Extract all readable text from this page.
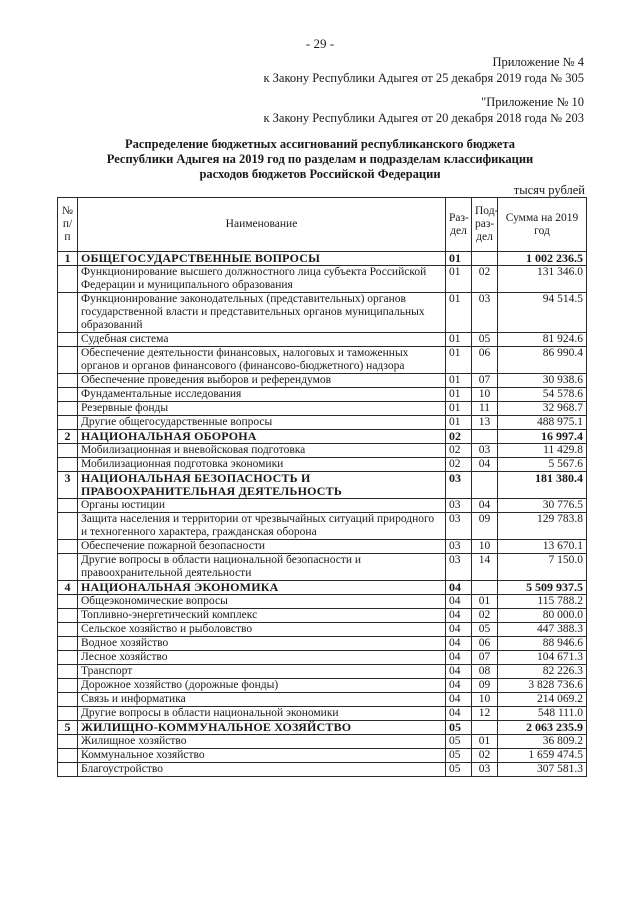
- 29 -
Приложение № 4
к Закону Республики Адыгея от 25 декабря 2019 года № 305
"Приложение № 10
к Закону Республики Адыгея от 20 декабря 2018 года № 203
Распределение бюджетных ассигнований республиканского бюджета
Республики Адыгея на 2019 год по разделам и подразделам классификации
расходов бюджетов Российской Федерации
тысяч рублей
№ п/п	Наименование	Раз-дел	Под-раз-дел	Сумма на 2019 год
1	ОБЩЕГОСУДАРСТВЕННЫЕ ВОПРОСЫ	01		1 002 236.5
	Функционирование высшего должностного лица субъекта Российской Федерации и муниципального образования	01	02	131 346.0
	Функционирование законодательных (представительных) органов государственной власти и представительных органов муниципальных образований	01	03	94 514.5
	Судебная система	01	05	81 924.6
	Обеспечение деятельности финансовых, налоговых и таможенных органов и органов финансового (финансово-бюджетного) надзора	01	06	86 990.4
	Обеспечение проведения выборов и референдумов	01	07	30 938.6
	Фундаментальные исследования	01	10	54 578.6
	Резервные фонды	01	11	32 968.7
	Другие общегосударственные вопросы	01	13	488 975.1
2	НАЦИОНАЛЬНАЯ ОБОРОНА	02		16 997.4
	Мобилизационная и вневойсковая подготовка	02	03	11 429.8
	Мобилизационная подготовка экономики	02	04	5 567.6
3	НАЦИОНАЛЬНАЯ БЕЗОПАСНОСТЬ И ПРАВООХРАНИТЕЛЬНАЯ ДЕЯТЕЛЬНОСТЬ	03		181 380.4
	Органы юстиции	03	04	30 776.5
	Защита населения и территории от чрезвычайных ситуаций природного и техногенного характера, гражданская оборона	03	09	129 783.8
	Обеспечение пожарной безопасности	03	10	13 670.1
	Другие вопросы в области национальной безопасности и правоохранительной деятельности	03	14	7 150.0
4	НАЦИОНАЛЬНАЯ ЭКОНОМИКА	04		5 509 937.5
	Общеэкономические вопросы	04	01	115 788.2
	Топливно-энергетический комплекс	04	02	80 000.0
	Сельское хозяйство и рыболовство	04	05	447 388.3
	Водное хозяйство	04	06	88 946.6
	Лесное хозяйство	04	07	104 671.3
	Транспорт	04	08	82 226.3
	Дорожное хозяйство (дорожные фонды)	04	09	3 828 736.6
	Связь и информатика	04	10	214 069.2
	Другие вопросы в области национальной экономики	04	12	548 111.0
5	ЖИЛИЩНО-КОММУНАЛЬНОЕ ХОЗЯЙСТВО	05		2 063 235.9
	Жилищное хозяйство	05	01	36 809.2
	Коммунальное хозяйство	05	02	1 659 474.5
	Благоустройство	05	03	307 581.3
